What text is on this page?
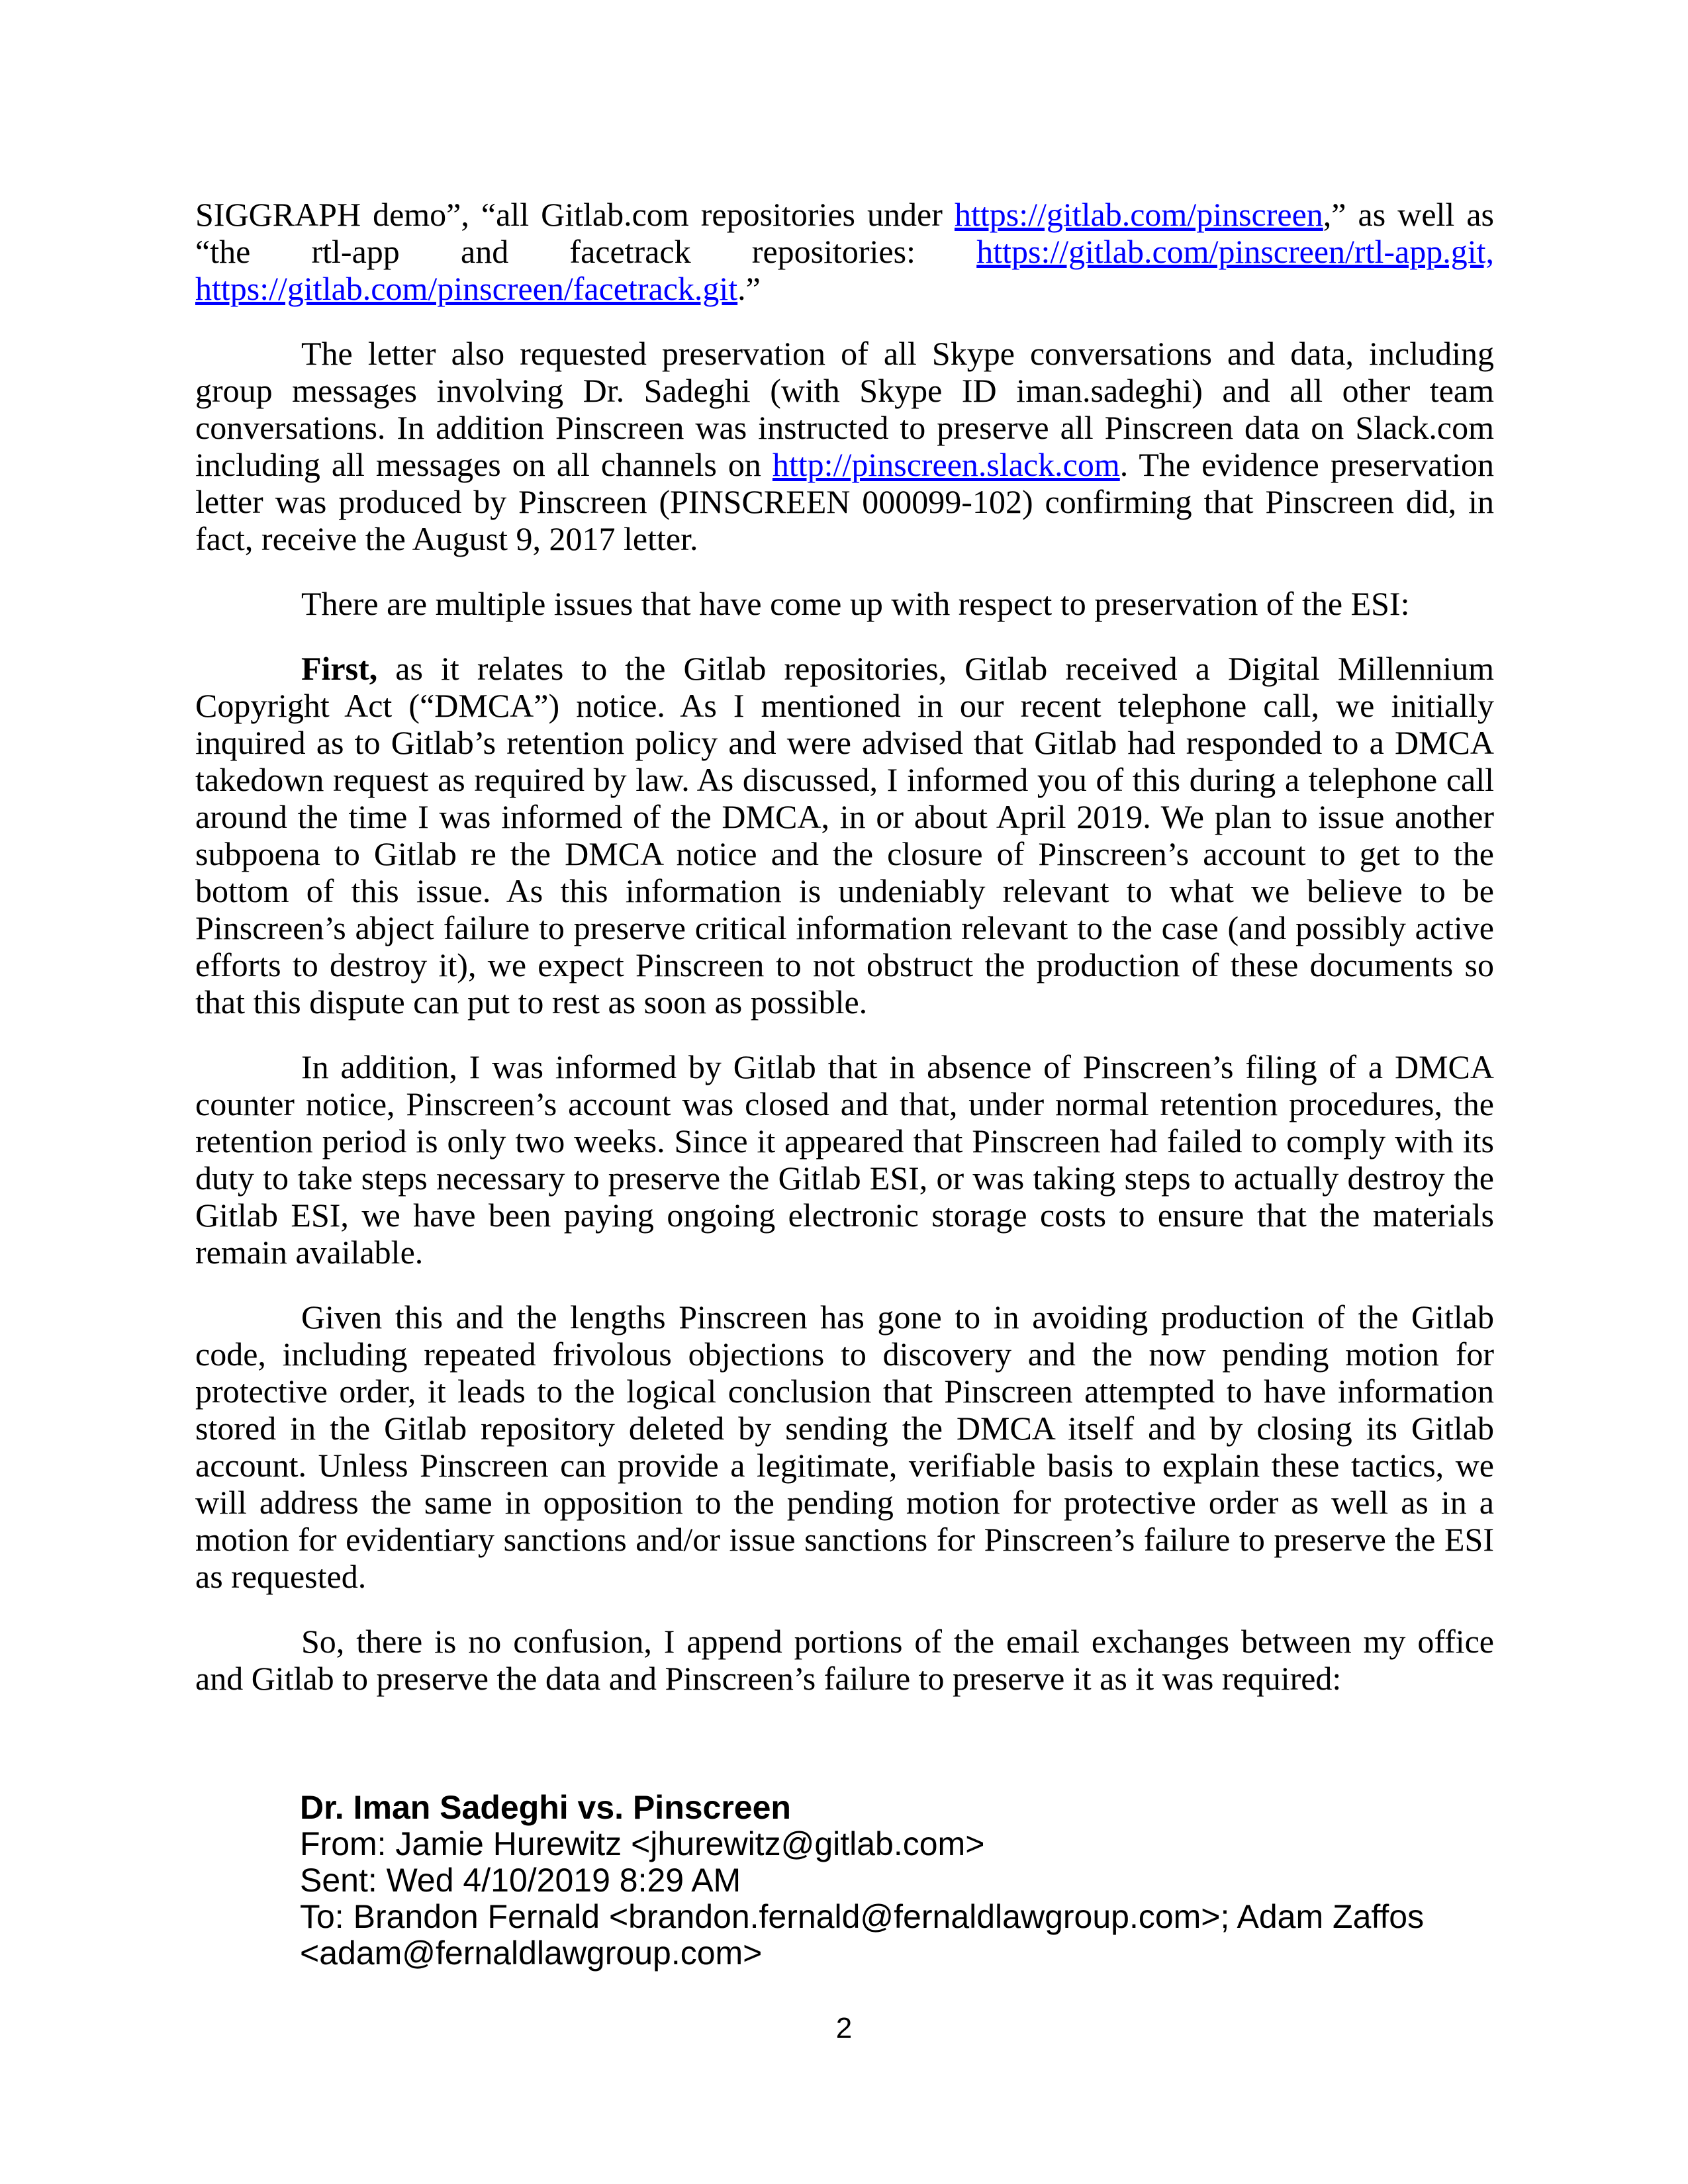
SIGGRAPH demo”, “all Gitlab.com repositories under https://gitlab.com/pinscreen,” as well as “the rtl-app and facetrack repositories: https://gitlab.com/pinscreen/rtl-app.git, https://gitlab.com/pinscreen/facetrack.git.”

The letter also requested preservation of all Skype conversations and data, including group messages involving Dr. Sadeghi (with Skype ID iman.sadeghi) and all other team conversations. In addition Pinscreen was instructed to preserve all Pinscreen data on Slack.com including all messages on all channels on http://pinscreen.slack.com. The evidence preservation letter was produced by Pinscreen (PINSCREEN 000099-102) confirming that Pinscreen did, in fact, receive the August 9, 2017 letter.

There are multiple issues that have come up with respect to preservation of the ESI:

First, as it relates to the Gitlab repositories, Gitlab received a Digital Millennium Copyright Act (“DMCA”) notice. As I mentioned in our recent telephone call, we initially inquired as to Gitlab’s retention policy and were advised that Gitlab had responded to a DMCA takedown request as required by law. As discussed, I informed you of this during a telephone call around the time I was informed of the DMCA, in or about April 2019. We plan to issue another subpoena to Gitlab re the DMCA notice and the closure of Pinscreen’s account to get to the bottom of this issue. As this information is undeniably relevant to what we believe to be Pinscreen’s abject failure to preserve critical information relevant to the case (and possibly active efforts to destroy it), we expect Pinscreen to not obstruct the production of these documents so that this dispute can put to rest as soon as possible.

In addition, I was informed by Gitlab that in absence of Pinscreen’s filing of a DMCA counter notice, Pinscreen’s account was closed and that, under normal retention procedures, the retention period is only two weeks. Since it appeared that Pinscreen had failed to comply with its duty to take steps necessary to preserve the Gitlab ESI, or was taking steps to actually destroy the Gitlab ESI, we have been paying ongoing electronic storage costs to ensure that the materials remain available.

Given this and the lengths Pinscreen has gone to in avoiding production of the Gitlab code, including repeated frivolous objections to discovery and the now pending motion for protective order, it leads to the logical conclusion that Pinscreen attempted to have information stored in the Gitlab repository deleted by sending the DMCA itself and by closing its Gitlab account. Unless Pinscreen can provide a legitimate, verifiable basis to explain these tactics, we will address the same in opposition to the pending motion for protective order as well as in a motion for evidentiary sanctions and/or issue sanctions for Pinscreen’s failure to preserve the ESI as requested.

So, there is no confusion, I append portions of the email exchanges between my office and Gitlab to preserve the data and Pinscreen’s failure to preserve it as it was required:

Dr. Iman Sadeghi vs. Pinscreen

From: Jamie Hurewitz <jhurewitz@gitlab.com>

Sent: Wed 4/10/2019 8:29 AM

To: Brandon Fernald <brandon.fernald@fernaldlawgroup.com>; Adam Zaffos <adam@fernaldlawgroup.com>

2
